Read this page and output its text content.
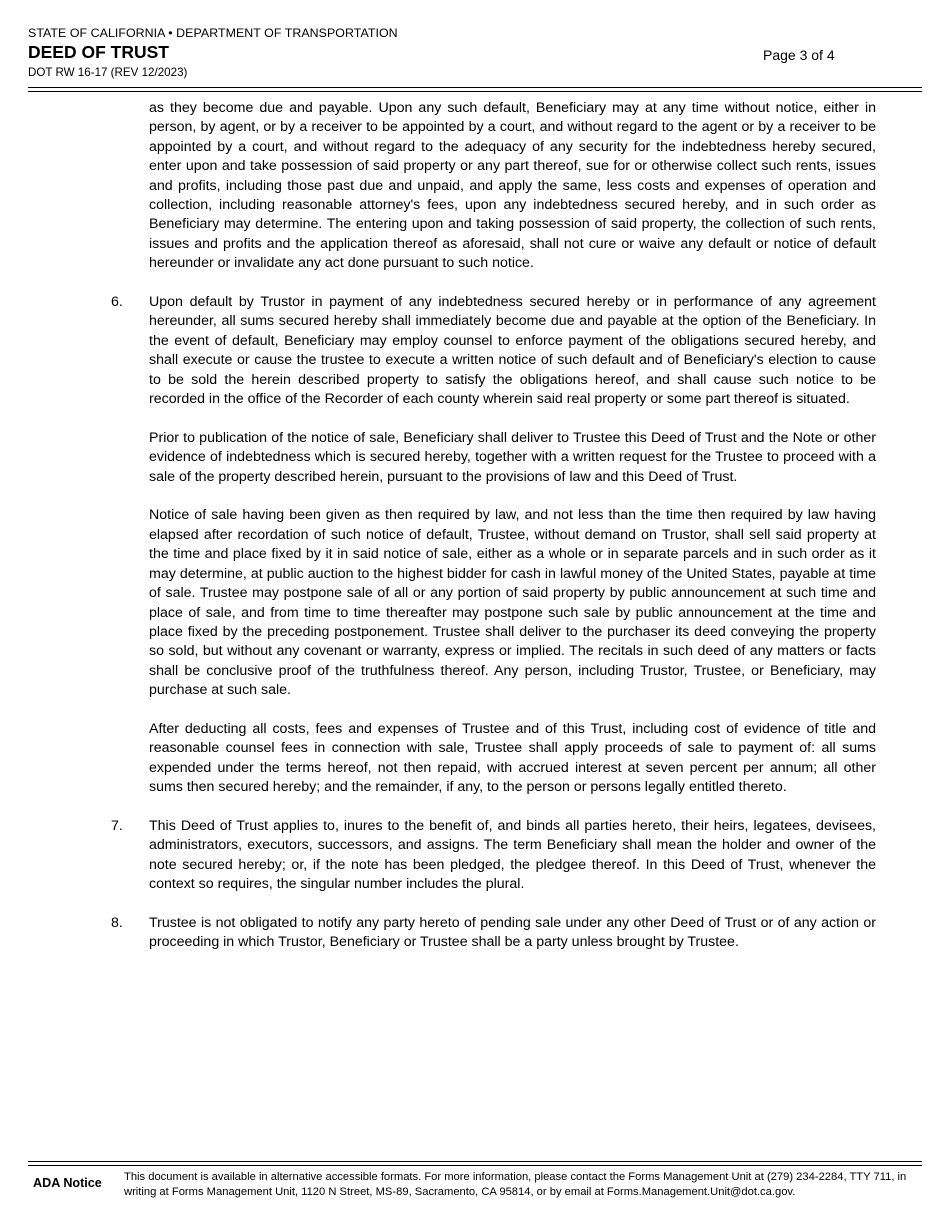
STATE OF CALIFORNIA • DEPARTMENT OF TRANSPORTATION
DEED OF TRUST
DOT RW 16-17 (REV 12/2023)
Page 3 of 4
as they become due and payable. Upon any such default, Beneficiary may at any time without notice, either in person, by agent, or by a receiver to be appointed by a court, and without regard to the agent or by a receiver to be appointed by a court, and without regard to the adequacy of any security for the indebtedness hereby secured, enter upon and take possession of said property or any part thereof, sue for or otherwise collect such rents, issues and profits, including those past due and unpaid, and apply the same, less costs and expenses of operation and collection, including reasonable attorney's fees, upon any indebtedness secured hereby, and in such order as Beneficiary may determine. The entering upon and taking possession of said property, the collection of such rents, issues and profits and the application thereof as aforesaid, shall not cure or waive any default or notice of default hereunder or invalidate any act done pursuant to such notice.
6. Upon default by Trustor in payment of any indebtedness secured hereby or in performance of any agreement hereunder, all sums secured hereby shall immediately become due and payable at the option of the Beneficiary. In the event of default, Beneficiary may employ counsel to enforce payment of the obligations secured hereby, and shall execute or cause the trustee to execute a written notice of such default and of Beneficiary's election to cause to be sold the herein described property to satisfy the obligations hereof, and shall cause such notice to be recorded in the office of the Recorder of each county wherein said real property or some part thereof is situated.
Prior to publication of the notice of sale, Beneficiary shall deliver to Trustee this Deed of Trust and the Note or other evidence of indebtedness which is secured hereby, together with a written request for the Trustee to proceed with a sale of the property described herein, pursuant to the provisions of law and this Deed of Trust.
Notice of sale having been given as then required by law, and not less than the time then required by law having elapsed after recordation of such notice of default, Trustee, without demand on Trustor, shall sell said property at the time and place fixed by it in said notice of sale, either as a whole or in separate parcels and in such order as it may determine, at public auction to the highest bidder for cash in lawful money of the United States, payable at time of sale. Trustee may postpone sale of all or any portion of said property by public announcement at such time and place of sale, and from time to time thereafter may postpone such sale by public announcement at the time and place fixed by the preceding postponement. Trustee shall deliver to the purchaser its deed conveying the property so sold, but without any covenant or warranty, express or implied. The recitals in such deed of any matters or facts shall be conclusive proof of the truthfulness thereof. Any person, including Trustor, Trustee, or Beneficiary, may purchase at such sale.
After deducting all costs, fees and expenses of Trustee and of this Trust, including cost of evidence of title and reasonable counsel fees in connection with sale, Trustee shall apply proceeds of sale to payment of: all sums expended under the terms hereof, not then repaid, with accrued interest at seven percent per annum; all other sums then secured hereby; and the remainder, if any, to the person or persons legally entitled thereto.
7. This Deed of Trust applies to, inures to the benefit of, and binds all parties hereto, their heirs, legatees, devisees, administrators, executors, successors, and assigns. The term Beneficiary shall mean the holder and owner of the note secured hereby; or, if the note has been pledged, the pledgee thereof. In this Deed of Trust, whenever the context so requires, the singular number includes the plural.
8. Trustee is not obligated to notify any party hereto of pending sale under any other Deed of Trust or of any action or proceeding in which Trustor, Beneficiary or Trustee shall be a party unless brought by Trustee.
ADA Notice This document is available in alternative accessible formats. For more information, please contact the Forms Management Unit at (279) 234-2284, TTY 711, in writing at Forms Management Unit, 1120 N Street, MS-89, Sacramento, CA 95814, or by email at Forms.Management.Unit@dot.ca.gov.
